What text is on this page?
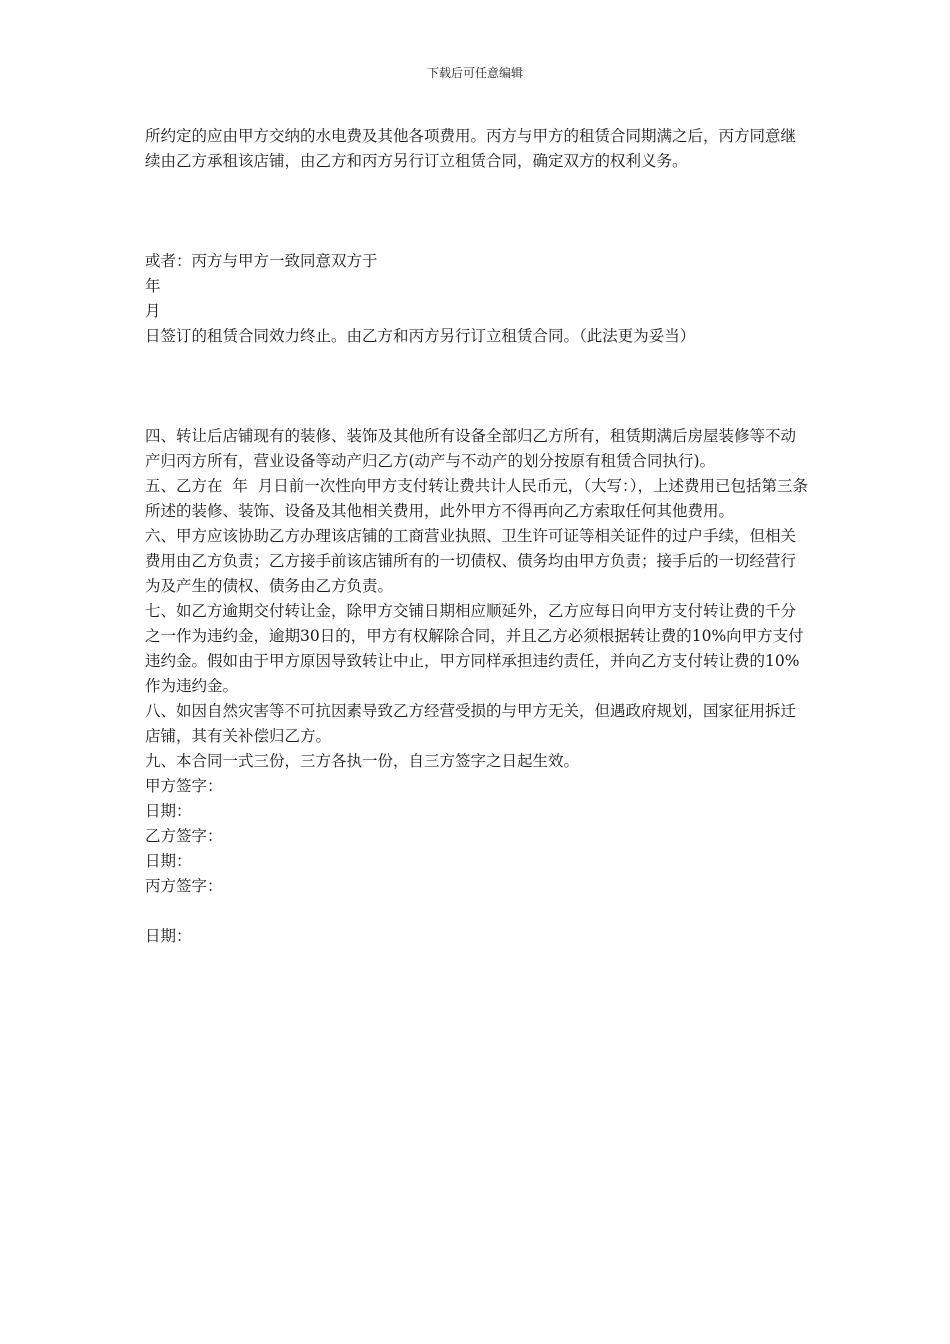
下载后可任意编辑

所约定的应由甲方交纳的水电费及其他各项费用。丙方与甲方的租赁合同期满之后，丙方同意继续由乙方承租该店铺，由乙方和丙方另行订立租赁合同，确定双方的权利义务。

或者：丙方与甲方一致同意双方于

年

月

日签订的租赁合同效力终止。由乙方和丙方另行订立租赁合同。（此法更为妥当）

四、转让后店铺现有的装修、装饰及其他所有设备全部归乙方所有，租赁期满后房屋装修等不动产归丙方所有，营业设备等动产归乙方(动产与不动产的划分按原有租赁合同执行)。

五、乙方在  年  月日前一次性向甲方支付转让费共计人民币元，（大写：），上述费用已包括第三条所述的装修、装饰、设备及其他相关费用，此外甲方不得再向乙方索取任何其他费用。

六、甲方应该协助乙方办理该店铺的工商营业执照、卫生许可证等相关证件的过户手续，但相关费用由乙方负责；乙方接手前该店铺所有的一切债权、债务均由甲方负责；接手后的一切经营行为及产生的债权、债务由乙方负责。

七、如乙方逾期交付转让金，除甲方交铺日期相应顺延外，乙方应每日向甲方支付转让费的千分之一作为违约金，逾期30日的，甲方有权解除合同，并且乙方必须根据转让费的10%向甲方支付违约金。假如由于甲方原因导致转让中止，甲方同样承担违约责任，并向乙方支付转让费的10%作为违约金。

八、如因自然灾害等不可抗因素导致乙方经营受损的与甲方无关，但遇政府规划，国家征用拆迁店铺，其有关补偿归乙方。

九、本合同一式三份，三方各执一份，自三方签字之日起生效。

甲方签字：

日期：

乙方签字：

日期：

丙方签字：

日期：
